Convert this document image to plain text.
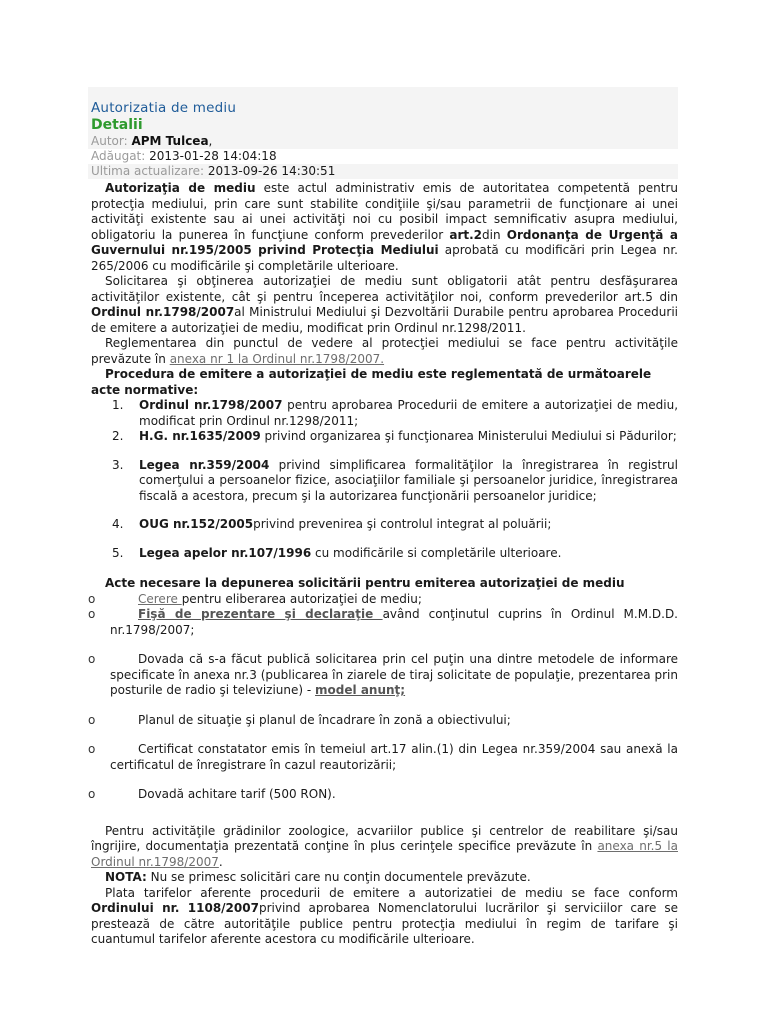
Autorizatia de mediu
Detalii
Autor: APM Tulcea,
Adăugat: 2013-01-28 14:04:18
Ultima actualizare: 2013-09-26 14:30:51

Autorizaţia de mediu este actul administrativ emis de autoritatea competentă pentru protecţia mediului, prin care sunt stabilite condiţiile şi/sau parametrii de funcţionare ai unei activităţi existente sau ai unei activităţi noi cu posibil impact semnificativ asupra mediului, obligatoriu la punerea în funcţiune conform prevederilor art.2din Ordonanţa de Urgenţă a Guvernului nr.195/2005 privind Protecţia Mediului aprobată cu modificări prin Legea nr. 265/2006 cu modificările şi completările ulterioare.

Solicitarea şi obţinerea autorizaţiei de mediu sunt obligatorii atât pentru desfăşurarea activităţilor existente, cât şi pentru începerea activităţilor noi, conform prevederilor art.5 din Ordinul nr.1798/2007al Ministrului Mediului şi Dezvoltării Durabile pentru aprobarea Procedurii de emitere a autorizaţiei de mediu, modificat prin Ordinul nr.1298/2011.

Reglementarea din punctul de vedere al protecţiei mediului se face pentru activităţile prevăzute în anexa nr 1 la Ordinul nr.1798/2007.

Procedura de emitere a autorizaţiei de mediu este reglementată de următoarele acte normative:

1. Ordinul nr.1798/2007 pentru aprobarea Procedurii de emitere a autorizaţiei de mediu, modificat prin Ordinul nr.1298/2011;
2. H.G. nr.1635/2009 privind organizarea şi funcţionarea Ministerului Mediului si Pădurilor;
3. Legea nr.359/2004 privind simplificarea formalităţilor la înregistrarea în registrul comerţului a persoanelor fizice, asociaţiilor familiale şi persoanelor juridice, înregistrarea fiscală a acestora, precum şi la autorizarea funcţionării persoanelor juridice;
4. OUG nr.152/2005privind prevenirea şi controlul integrat al poluării;
5. Legea apelor nr.107/1996 cu modificările si completările ulterioare.

Acte necesare la depunerea solicitării pentru emiterea autorizaţiei de mediu

o	Cerere pentru eliberarea autorizaţiei de mediu;
o	Fişă de prezentare şi declaraţie având conţinutul cuprins în Ordinul M.M.D.D. nr.1798/2007;
o	Dovada că s-a făcut publică solicitarea prin cel puţin una dintre metodele de informare specificate în anexa nr.3 (publicarea în ziarele de tiraj solicitate de populaţie, prezentarea prin posturile de radio şi televiziune) - model anunţ;
o	Planul de situaţie şi planul de încadrare în zonă a obiectivului;
o	Certificat constatator emis în temeiul art.17 alin.(1) din Legea nr.359/2004 sau anexă la certificatul de înregistrare în cazul reautorizării;
o	Dovadă achitare tarif (500 RON).

Pentru activităţile grădinilor zoologice, acvariilor publice şi centrelor de reabilitare şi/sau îngrijire, documentaţia prezentată conţine în plus cerinţele specifice prevăzute în anexa nr.5 la Ordinul nr.1798/2007.

NOTA: Nu se primesc solicitări care nu conţin documentele prevăzute.

Plata tarifelor aferente procedurii de emitere a autorizatiei de mediu se face conform Ordinului nr. 1108/2007privind aprobarea Nomenclatorului lucrărilor şi serviciilor care se prestează de către autorităţile publice pentru protecţia mediului în regim de tarifare şi cuantumul tarifelor aferente acestora cu modificările ulterioare.
